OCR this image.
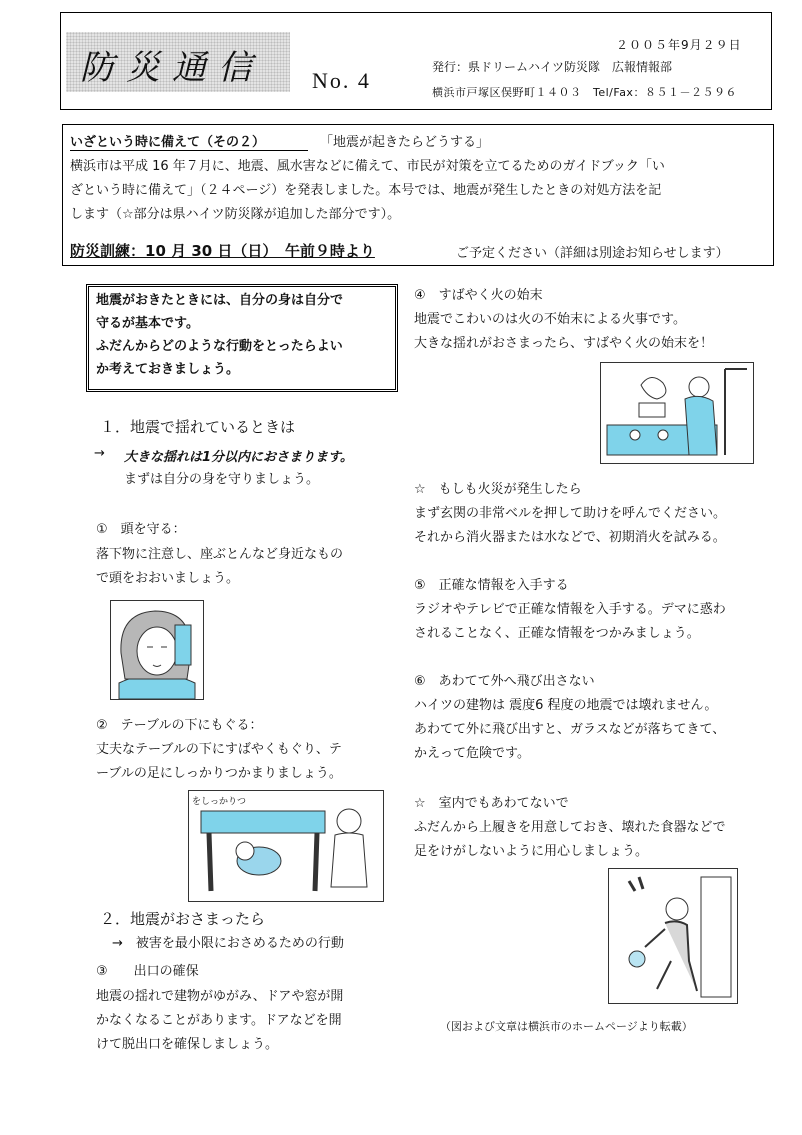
防災通信 No. 4
２００５年9月２９日
発行：県ドリームハイツ防災隊　広報情報部
横浜市戸塚区俣野町１４０３　Tel/Fax：８５１－２５９６
いざという時に備えて（その２）	「地震が起きたらどうする」
横浜市は平成 16 年７月に、地震、風水害などに備えて、市民が対策を立てるためのガイドブック「い
ざという時に備えて」（２４ページ）を発表しました。本号では、地震が発生したときの対処方法を記
します（☆部分は県ハイツ防災隊が追加した部分です）。
防災訓練：10 月 30 日（日）　午前９時より	ご予定ください（詳細は別途お知らせします）
地震がおきたときには、自分の身は自分で
守るが基本です。
ふだんからどのような行動をとったらよい
か考えておきましょう。
１．地震で揺れているときは
→ 大きな揺れは1分以内におさまります。
まずは自分の身を守りましょう。
①　頭を守る：
落下物に注意し、座ぶとんなど身近なもの
で頭をおおいましょう。
②　テーブルの下にもぐる：
丈夫なテーブルの下にすばやくもぐり、テ
ーブルの足にしっかりつかまりましょう。
をしっかりつ
２．地震がおさまったら
→　被害を最小限におさめるための行動
③　　出口の確保
地震の揺れで建物がゆがみ、ドアや窓が開
かなくなることがあります。ドアなどを開
けて脱出口を確保しましょう。
④　すばやく火の始末
地震でこわいのは火の不始末による火事です。
大きな揺れがおさまったら、すばやく火の始末を！
☆　もしも火災が発生したら
まず玄関の非常ベルを押して助けを呼んでください。
それから消火器または水などで、初期消火を試みる。
⑤　正確な情報を入手する
ラジオやテレビで正確な情報を入手する。デマに惑わ
されることなく、正確な情報をつかみましょう。
⑥　あわてて外へ飛び出さない
ハイツの建物は 震度6 程度の地震では壊れません。
あわてて外に飛び出すと、ガラスなどが落ちてきて、
かえって危険です。
☆　室内でもあわてないで
ふだんから上履きを用意しておき、壊れた食器などで
足をけがしないように用心しましょう。
（図および文章は横浜市のホームページより転載）
